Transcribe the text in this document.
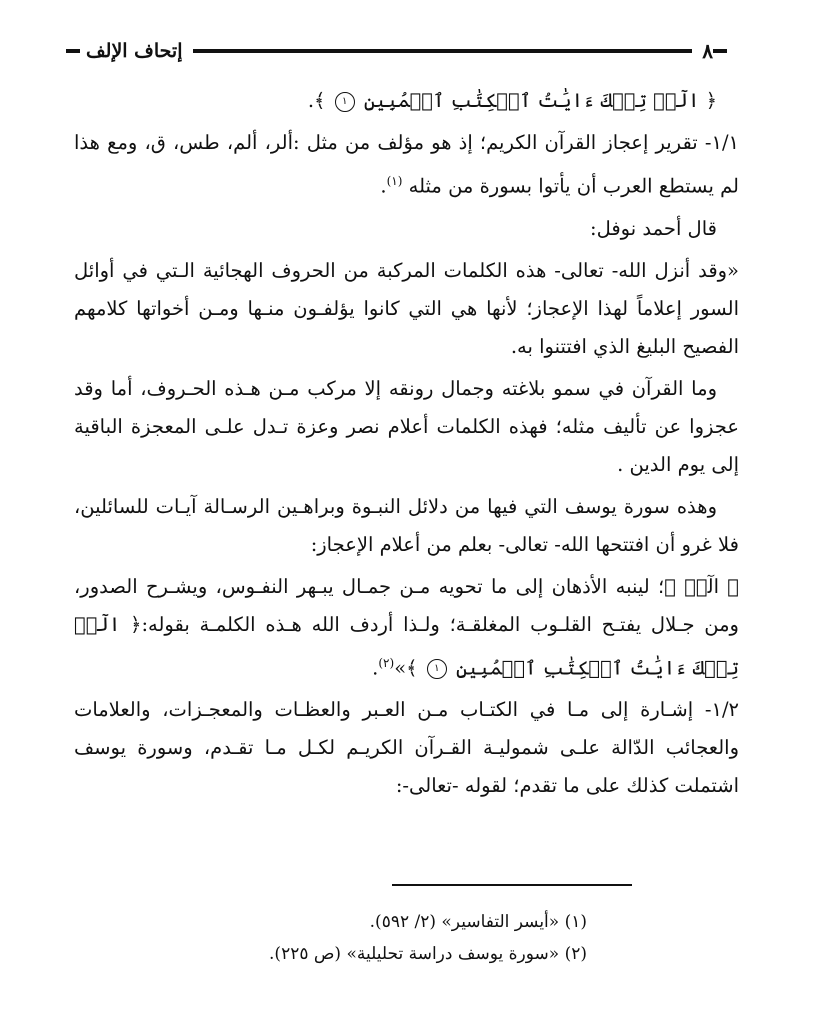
٨
إتحاف الإلف

﴿ الٓرۚ تِلۡكَ ءَايَٰتُ ٱلۡكِتَٰبِ ٱلۡمُبِينِ ١ ﴾.

١/١- تقرير إعجاز القرآن الكريم؛ إذ هو مؤلف من مثل :ألر، ألم، طس، ق، ومع هذا لم يستطع العرب أن يأتوا بسورة من مثله $^{(١)}$.

قال أحمد نوفل:

«وقد أنزل الله- تعالى- هذه الكلمات المركبة من الحروف الهجائية الـتي في أوائل السور إعلاماً لهذا الإعجاز؛ لأنها هي التي كانوا يؤلفـون منـها ومـن أخواتها كلامهم الفصيح البليغ الذي افتتنوا به.

وما القرآن في سمو بلاغته وجمال رونقه إلا مركب مـن هـذه الحـروف، أما وقد عجزوا عن تأليف مثله؛ فهذه الكلمات أعلام نصر وعزة تـدل علـى المعجزة الباقية إلى يوم الدين .

وهذه سورة يوسف التي فيها من دلائل النبـوة وبراهـين الرسـالة آيـات للسائلين، فلا غرو أن افتتحها الله- تعالى- بعلم من أعلام الإعجاز:

﴿ الٓرۚ ﴾؛ لينبه الأذهان إلى ما تحويه مـن جمـال يبـهر النفـوس، ويشـرح الصدور، ومن جـلال يفتـح القلـوب المغلقـة؛ ولـذا أردف الله هـذه الكلمـة بقوله:﴿ الٓرۚ تِلۡكَ ءَايَٰتُ ٱلۡكِتَٰبِ ٱلۡمُبِينِ ١ ﴾»$^{(٢)}$.

١/٢- إشـارة إلى مـا في الكتـاب مـن العـبر والعظـات والمعجـزات، والعلامات والعجائب الدّالة علـى شموليـة القـرآن الكريـم لكـل مـا تقـدم، وسورة يوسف اشتملت كذلك على ما تقدم؛ لقوله -تعالى-:

(١) «أيسر التفاسير» (٢/ ٥٩٢).
(٢) «سورة يوسف دراسة تحليلية» (ص ٢٢٥).
